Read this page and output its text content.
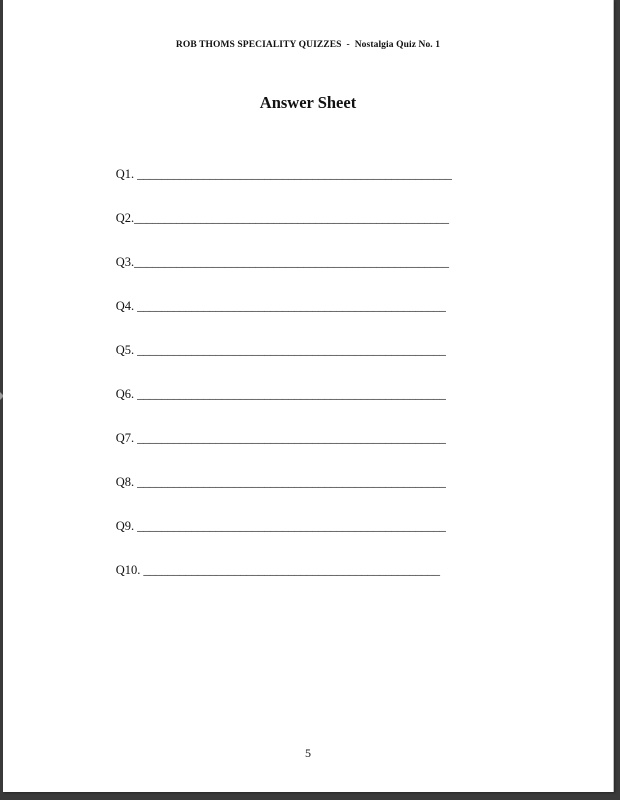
ROB THOMS SPECIALITY QUIZZES  -  Nostalgia Quiz No. 1
Answer Sheet

Q1. ____________________________________________________

Q2.____________________________________________________

Q3.____________________________________________________

Q4. ___________________________________________________

Q5. ___________________________________________________

Q6. ___________________________________________________

Q7. ___________________________________________________

Q8. ___________________________________________________

Q9. ___________________________________________________

Q10. _________________________________________________

5
